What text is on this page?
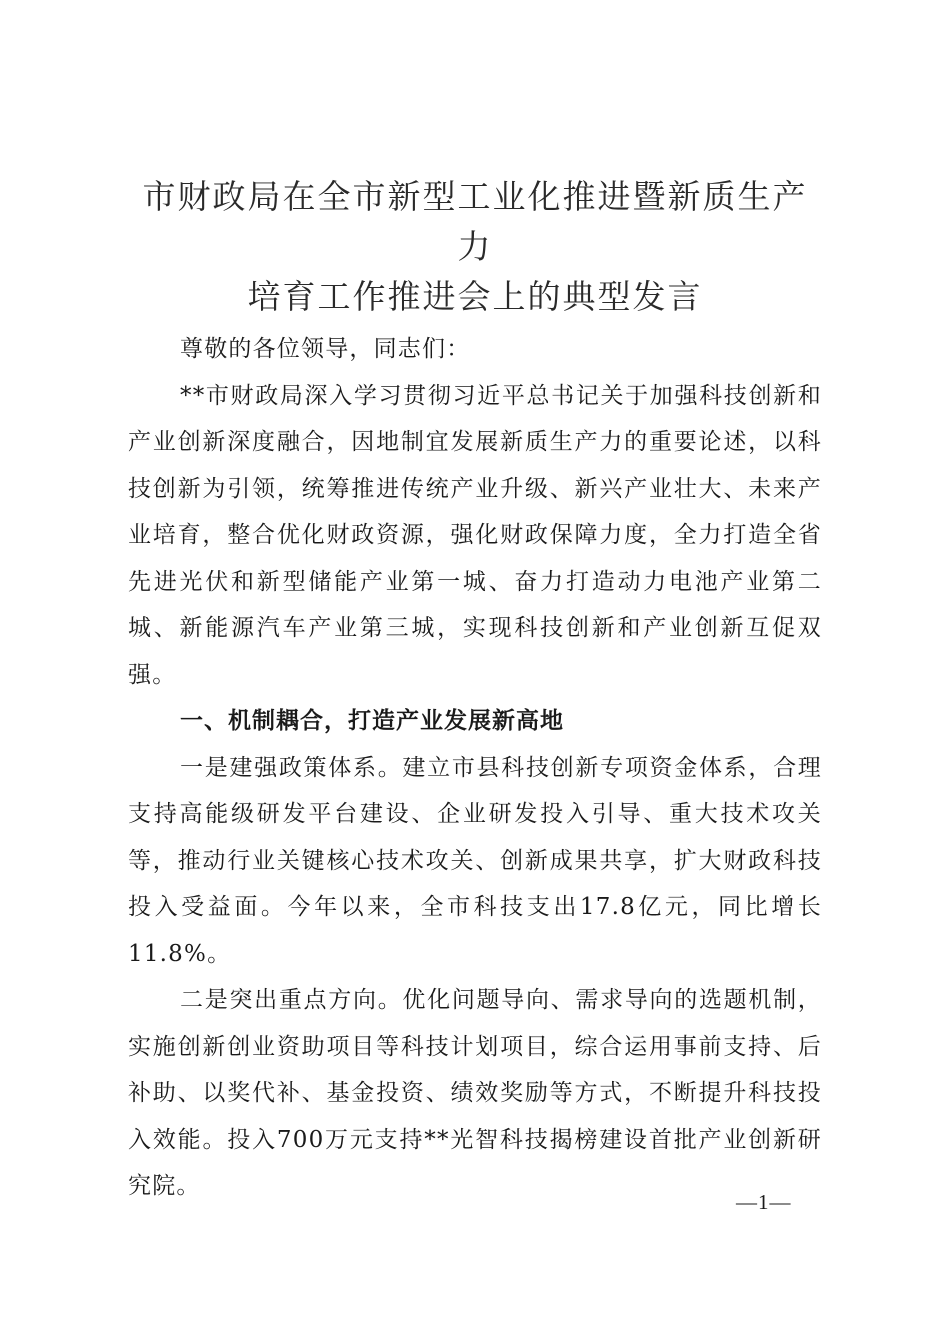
市财政局在全市新型工业化推进暨新质生产力
培育工作推进会上的典型发言

尊敬的各位领导，同志们：

**市财政局深入学习贯彻习近平总书记关于加强科技创新和产业创新深度融合，因地制宜发展新质生产力的重要论述，以科技创新为引领，统筹推进传统产业升级、新兴产业壮大、未来产业培育，整合优化财政资源，强化财政保障力度，全力打造全省先进光伏和新型储能产业第一城、奋力打造动力电池产业第二城、新能源汽车产业第三城，实现科技创新和产业创新互促双强。

一、机制耦合，打造产业发展新高地

一是建强政策体系。建立市县科技创新专项资金体系，合理支持高能级研发平台建设、企业研发投入引导、重大技术攻关等，推动行业关键核心技术攻关、创新成果共享，扩大财政科技投入受益面。今年以来，全市科技支出17.8亿元，同比增长11.8%。

二是突出重点方向。优化问题导向、需求导向的选题机制，实施创新创业资助项目等科技计划项目，综合运用事前支持、后补助、以奖代补、基金投资、绩效奖励等方式，不断提升科技投入效能。投入700万元支持**光智科技揭榜建设首批产业创新研究院。

—1—
